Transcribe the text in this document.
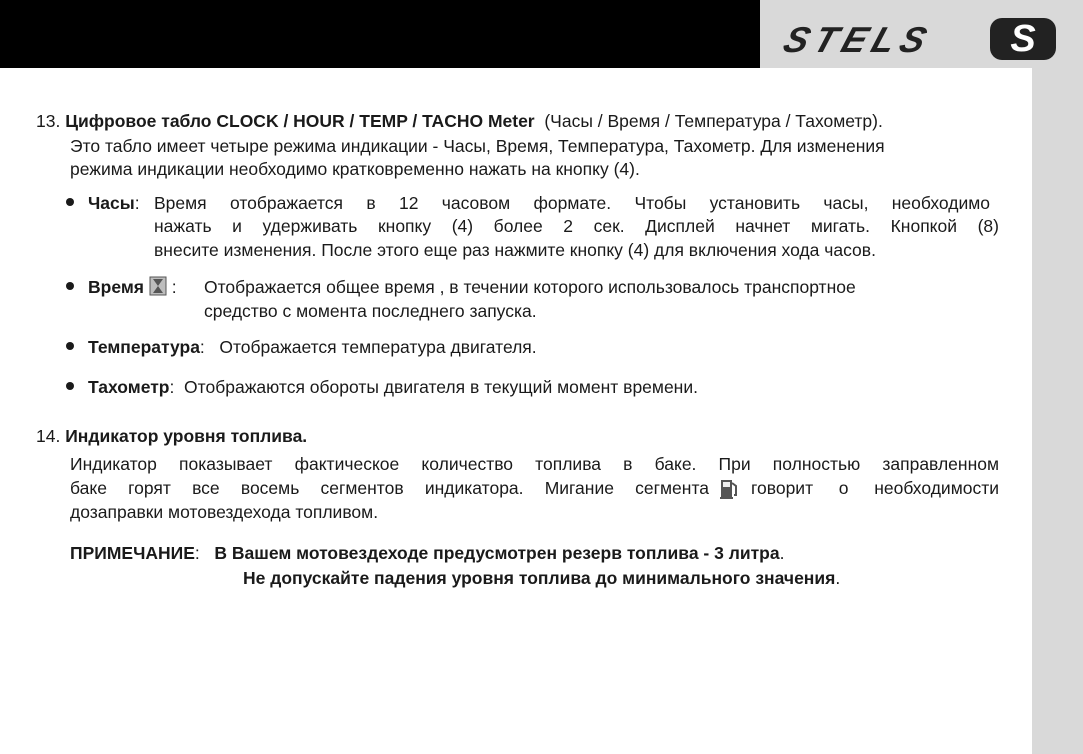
STELS S

13. Цифровое табло CLOCK / HOUR / TEMP / TACHO Meter (Часы / Время / Температура / Тахометр).

Это табло имеет четыре режима индикации - Часы, Время, Температура, Тахометр. Для изменения

режима индикации необходимо кратковременно нажать на кнопку (4).

Часы: Время отображается в 12 часовом формате. Чтобы установить часы, необходимо

нажать и удерживать кнопку (4) более 2 сек. Дисплей начнет мигать. Кнопкой (8)

внесите изменения. После этого еще раз нажмите кнопку (4) для включения хода часов.

Время  : Отображается общее время , в течении которого использовалось транспортное

средство с момента последнего запуска.

Температура:   Отображается температура двигателя.

Тахометр:  Отображаются обороты двигателя в текущий момент времени.

14. Индикатор уровня топлива.

Индикатор показывает фактическое количество топлива в баке. При полностью заправленном

баке горят все восемь сегментов индикатора. Мигание сегмента	говорит о необходимости

дозаправки мотовездехода топливом.

ПРИМЕЧАНИЕ:   В Вашем мотовездеходе предусмотрен резерв топлива - 3 литра.

Не допускайте падения уровня топлива до минимального значения.
